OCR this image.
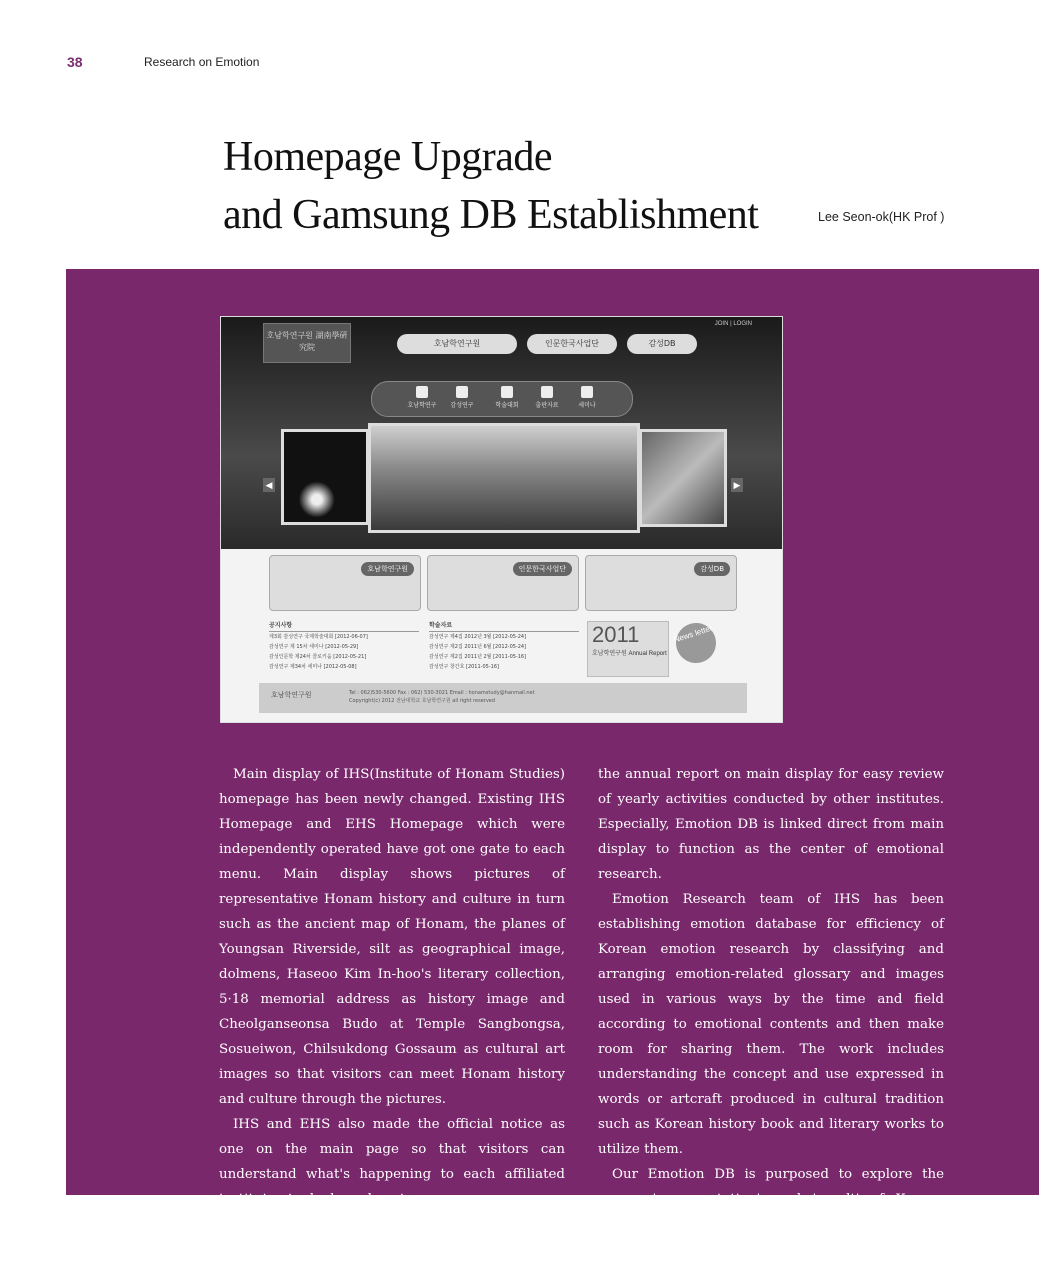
38	Research on Emotion
Homepage Upgrade
and Gamsung DB Establishment	Lee Seon-ok(HK Prof )
호남학연구원 湖南學硏究院
JOIN | LOGIN
호남학연구원	인문한국사업단	감성DB
호남학연구	감성연구	학술대회	출판자료	세미나
◀	▶
호남학연구원	인문한국사업단	감성DB
공지사항
제3회 감성연구 국제학술대회 [2012-06-07]
감성연구 제 15차 세미나 [2012-05-29]
감성인문학 제24차 콜로키움 [2012-05-21]
감성연구 제34차 세미나 [2012-05-08]
학술자료
감성연구 제4집 2012년 3월 [2012-05-24]
감성연구 제2집 2011년 6월 [2012-05-24]
감성연구 제2집 2011년 2월 [2011-05-16]
감성연구 창간호 [2011-05-16]
2011
호남학연구원 Annual Report
News letter
호남학연구원	Tel : 062)530-5600 Fax : 062) 530-3021 Email : honamstudy@hanmail.net
Copyright(c) 2012 전남대학교 호남학연구원 all right reserved

Main display of IHS(Institute of Honam Studies) homepage has been newly changed. Existing IHS Homepage and EHS Homepage which were independently operated have got one gate to each menu. Main display shows pictures of representative Honam history and culture in turn such as the ancient map of Honam, the planes of Youngsan Riverside, silt as geographical image, dolmens, Haseoo Kim In-hoo's literary collection, 5·18 memorial address as history image and Cheolganseonsa Budo at Temple Sangbongsa, Sosueiwon, Chilsukdong Gossaum as cultural art images so that visitors can meet Honam history and culture through the pictures.

IHS and EHS also made the official notice as one on the main page so that visitors can understand what's happening to each affiliated institute at a look, and post

the annual report on main display for easy review of yearly activities conducted by other institutes. Especially, Emotion DB is linked direct from main display to function as the center of emotional research.

Emotion Research team of IHS has been establishing emotion database for efficiency of Korean emotion research by classifying and arranging emotion-related glossary and images used in various ways by the time and field according to emotional contents and then make room for sharing them. The work includes understanding the concept and use expressed in words or artcraft produced in cultural tradition such as Korean history book and literary works to utilize them.

Our Emotion DB is purposed to explore the cause, 'representation', and 'result' of Korean emotion as an emotional and cultural pattern in individual and
